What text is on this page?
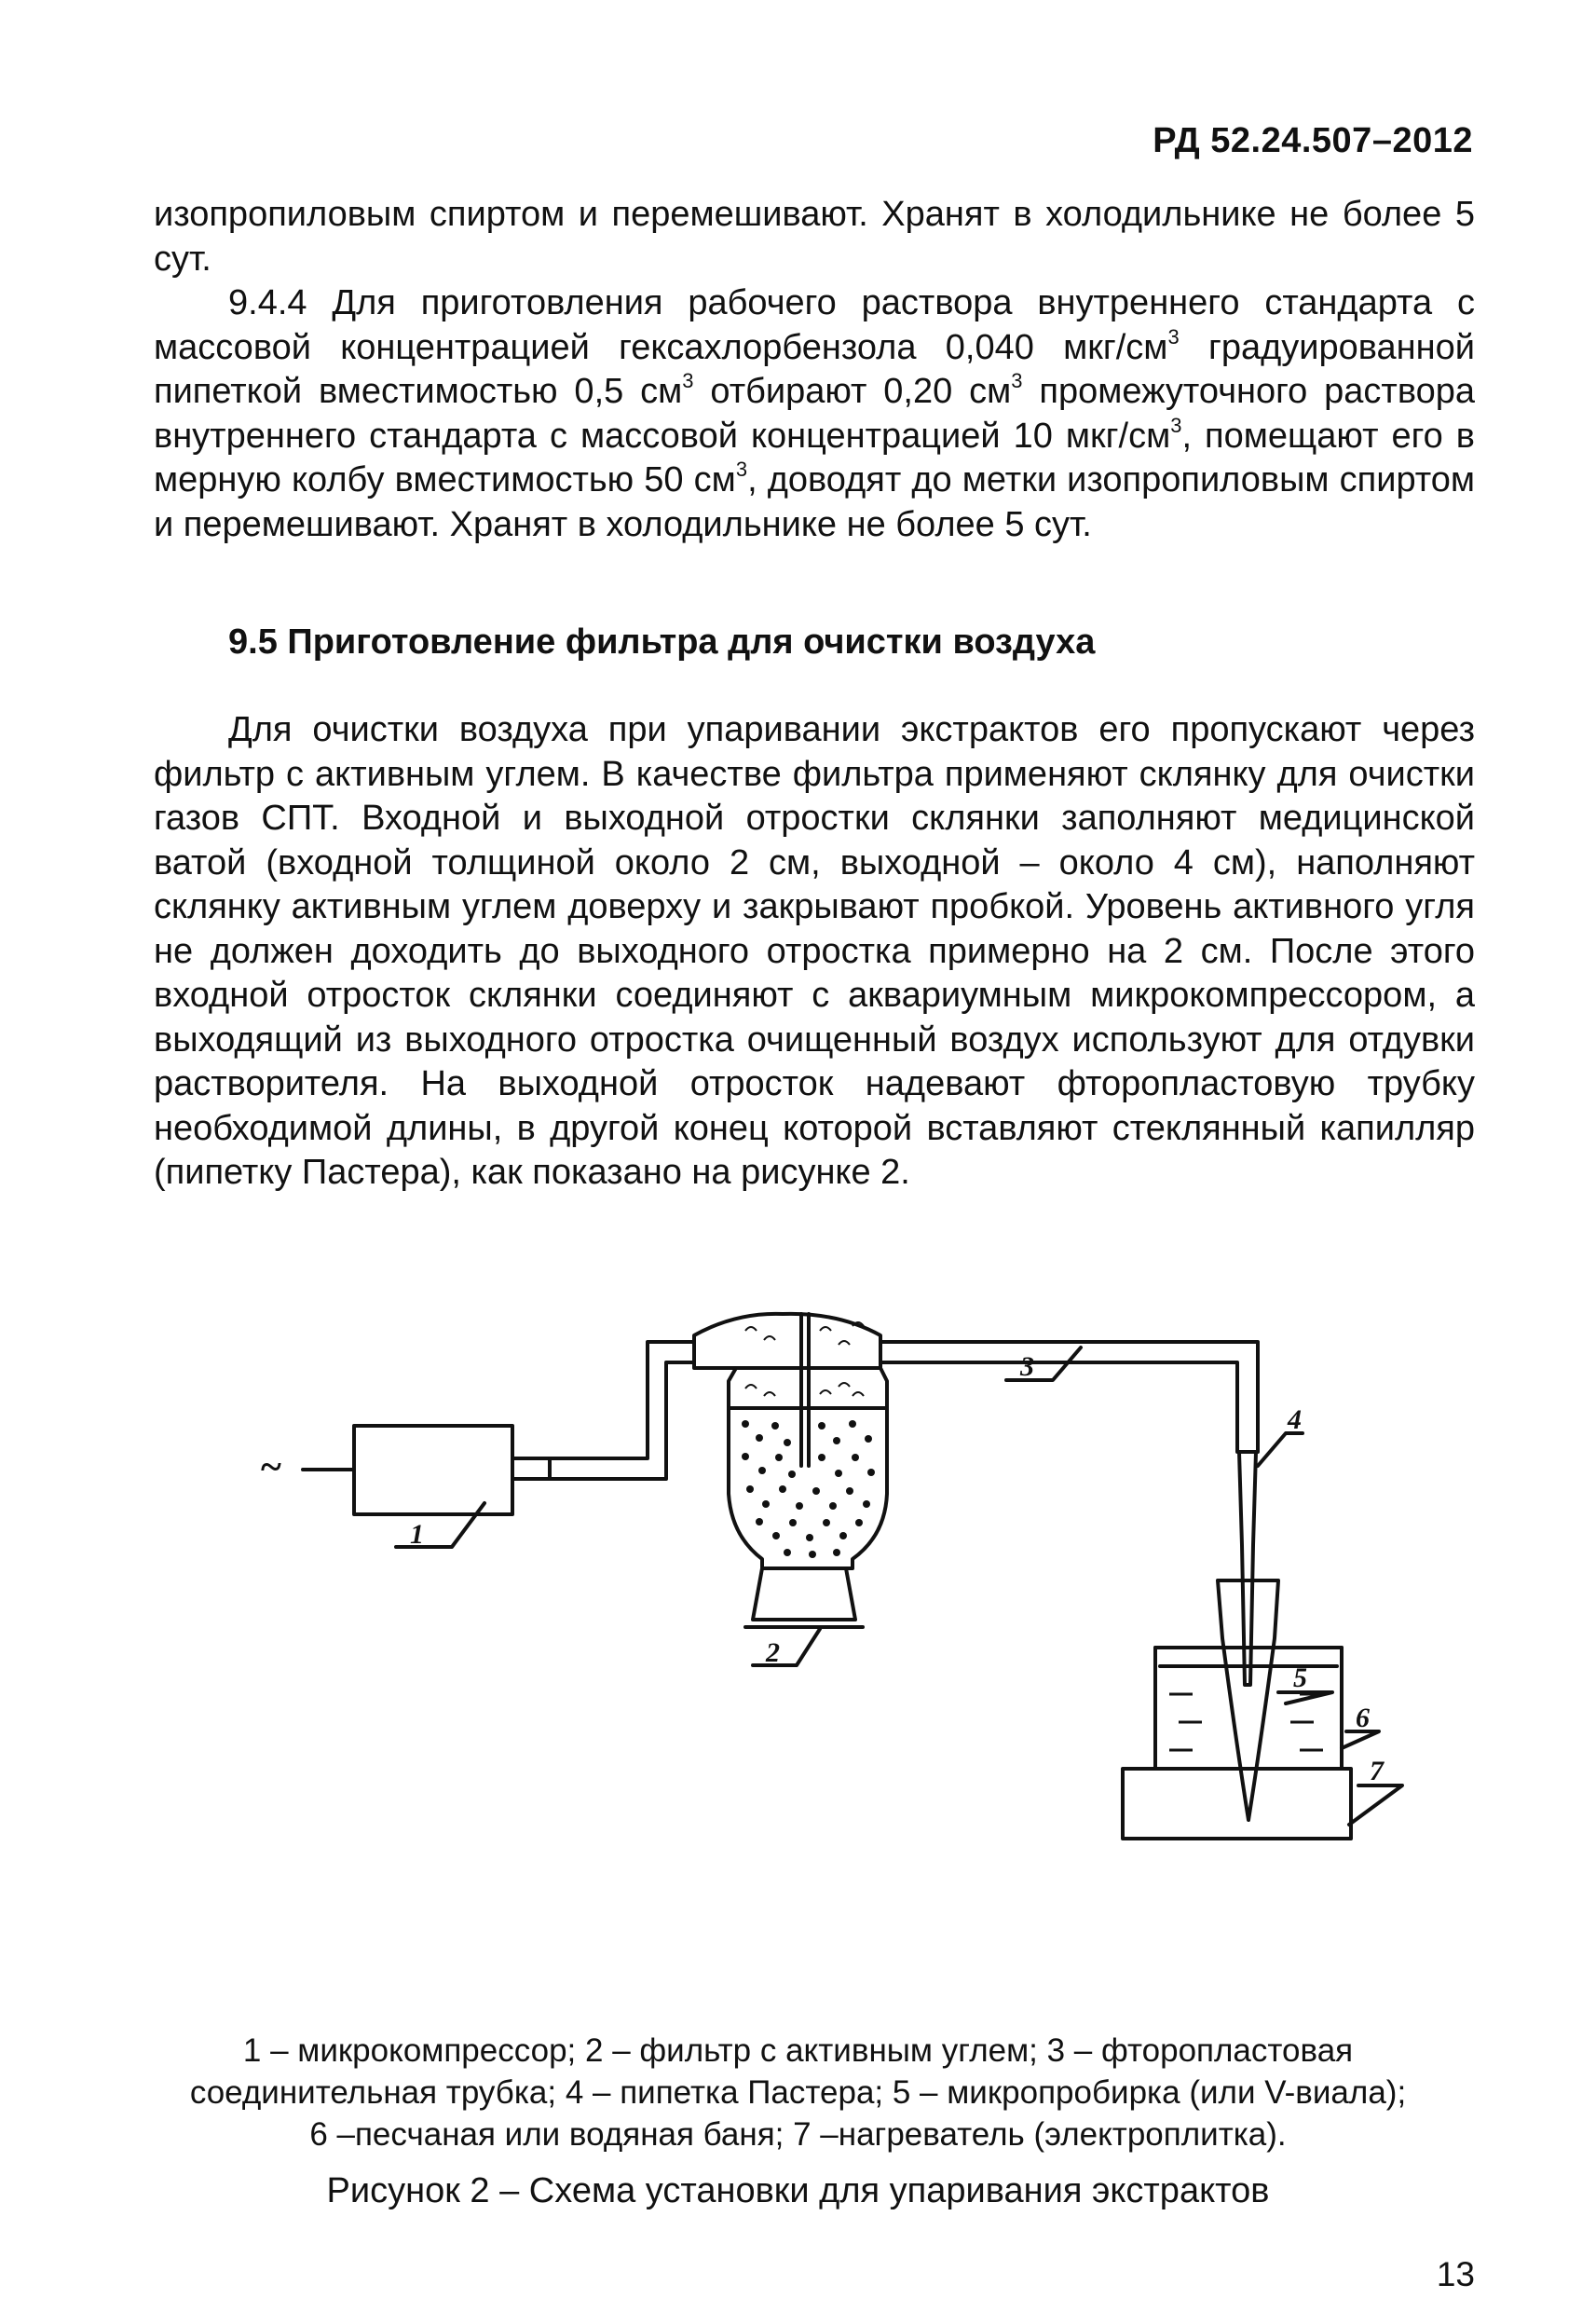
РД 52.24.507–2012

изопропиловым спиртом и перемешивают. Хранят в холодильнике не более 5 сут.

9.4.4 Для приготовления рабочего раствора внутреннего стандарта с массовой концентрацией гексахлорбензола 0,040 мкг/$см^3$ градуированной пипеткой вместимостью 0,5 $см^3$ отбирают 0,20 $см^3$ промежуточного раствора внутреннего стандарта с массовой концентрацией 10 мкг/$см^3$, помещают его в мерную колбу вместимостью 50 $см^3$, доводят до метки изопропиловым спиртом и перемешивают. Хранят в холодильнике не более 5 сут.

9.5 Приготовление фильтра для очистки воздуха

Для очистки воздуха при упаривании экстрактов его пропускают через фильтр с активным углем. В качестве фильтра применяют склянку для очистки газов СПТ. Входной и выходной отростки склянки заполняют медицинской ватой (входной толщиной около 2 см, выходной – около 4 см), наполняют склянку активным углем доверху и закрывают пробкой. Уровень активного угля не должен доходить до выходного отростка примерно на 2 см. После этого входной отросток склянки соединяют с аквариумным микрокомпрессором, а выходящий из выходного отростка очищенный воздух используют для отдувки растворителя. На выходной отросток надевают фторопластовую трубку необходимой длины, в другой конец которой вставляют стеклянный капилляр (пипетку Пастера), как показано на рисунке 2.

~
1
2
3
4
5
6
7
1 – микрокомпрессор; 2 – фильтр с активным углем; 3 – фторопластовая
соединительная трубка; 4 – пипетка Пастера; 5 – микропробирка (или V-виала);
6 –песчаная или водяная баня; 7 –нагреватель (электроплитка).
Рисунок 2 – Схема установки для упаривания экстрактов
13
